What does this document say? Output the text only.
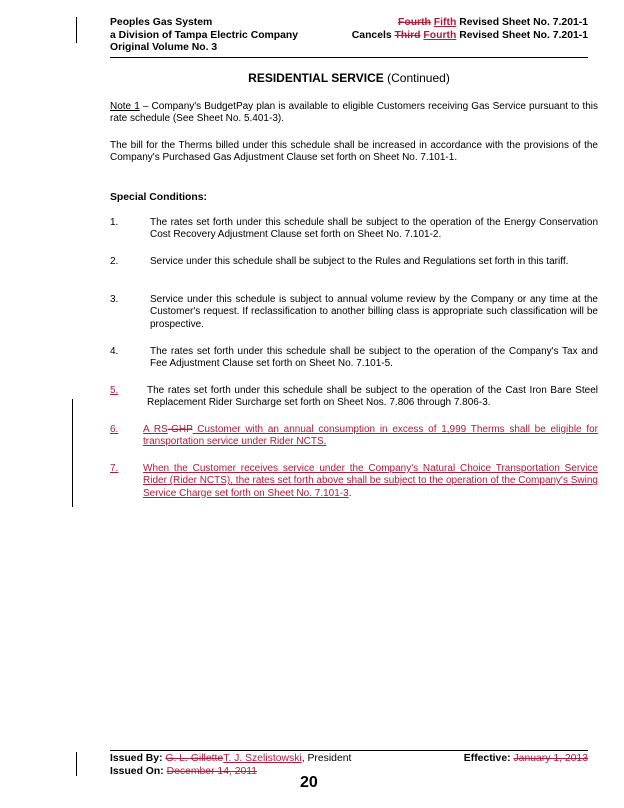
Peoples Gas System	Fourth Fifth Revised Sheet No. 7.201-1
a Division of Tampa Electric Company	Cancels Third Fourth Revised Sheet No. 7.201-1
Original Volume No. 3
RESIDENTIAL SERVICE (Continued)
Note 1 – Company's BudgetPay plan is available to eligible Customers receiving Gas Service pursuant to this rate schedule (See Sheet No. 5.401-3).
The bill for the Therms billed under this schedule shall be increased in accordance with the provisions of the Company's Purchased Gas Adjustment Clause set forth on Sheet No. 7.101-1.
Special Conditions:
1.	The rates set forth under this schedule shall be subject to the operation of the Energy Conservation Cost Recovery Adjustment Clause set forth on Sheet No. 7.101-2.
2.	Service under this schedule shall be subject to the Rules and Regulations set forth in this tariff.
3.	Service under this schedule is subject to annual volume review by the Company or any time at the Customer's request. If reclassification to another billing class is appropriate such classification will be prospective.
4.	The rates set forth under this schedule shall be subject to the operation of the Company's Tax and Fee Adjustment Clause set forth on Sheet No. 7.101-5.
5.	The rates set forth under this schedule shall be subject to the operation of the Cast Iron Bare Steel Replacement Rider Surcharge set forth on Sheet Nos. 7.806 through 7.806-3.
6. A RS-GHP Customer with an annual consumption in excess of 1,999 Therms shall be eligible for transportation service under Rider NCTS.
7. When the Customer receives service under the Company's Natural Choice Transportation Service Rider (Rider NCTS), the rates set forth above shall be subject to the operation of the Company's Swing Service Charge set forth on Sheet No. 7.101-3.
Issued By: G. L. GilletteT. J. Szelistowski, President	Effective: January 1, 2013
Issued On: December 14, 2011
20
